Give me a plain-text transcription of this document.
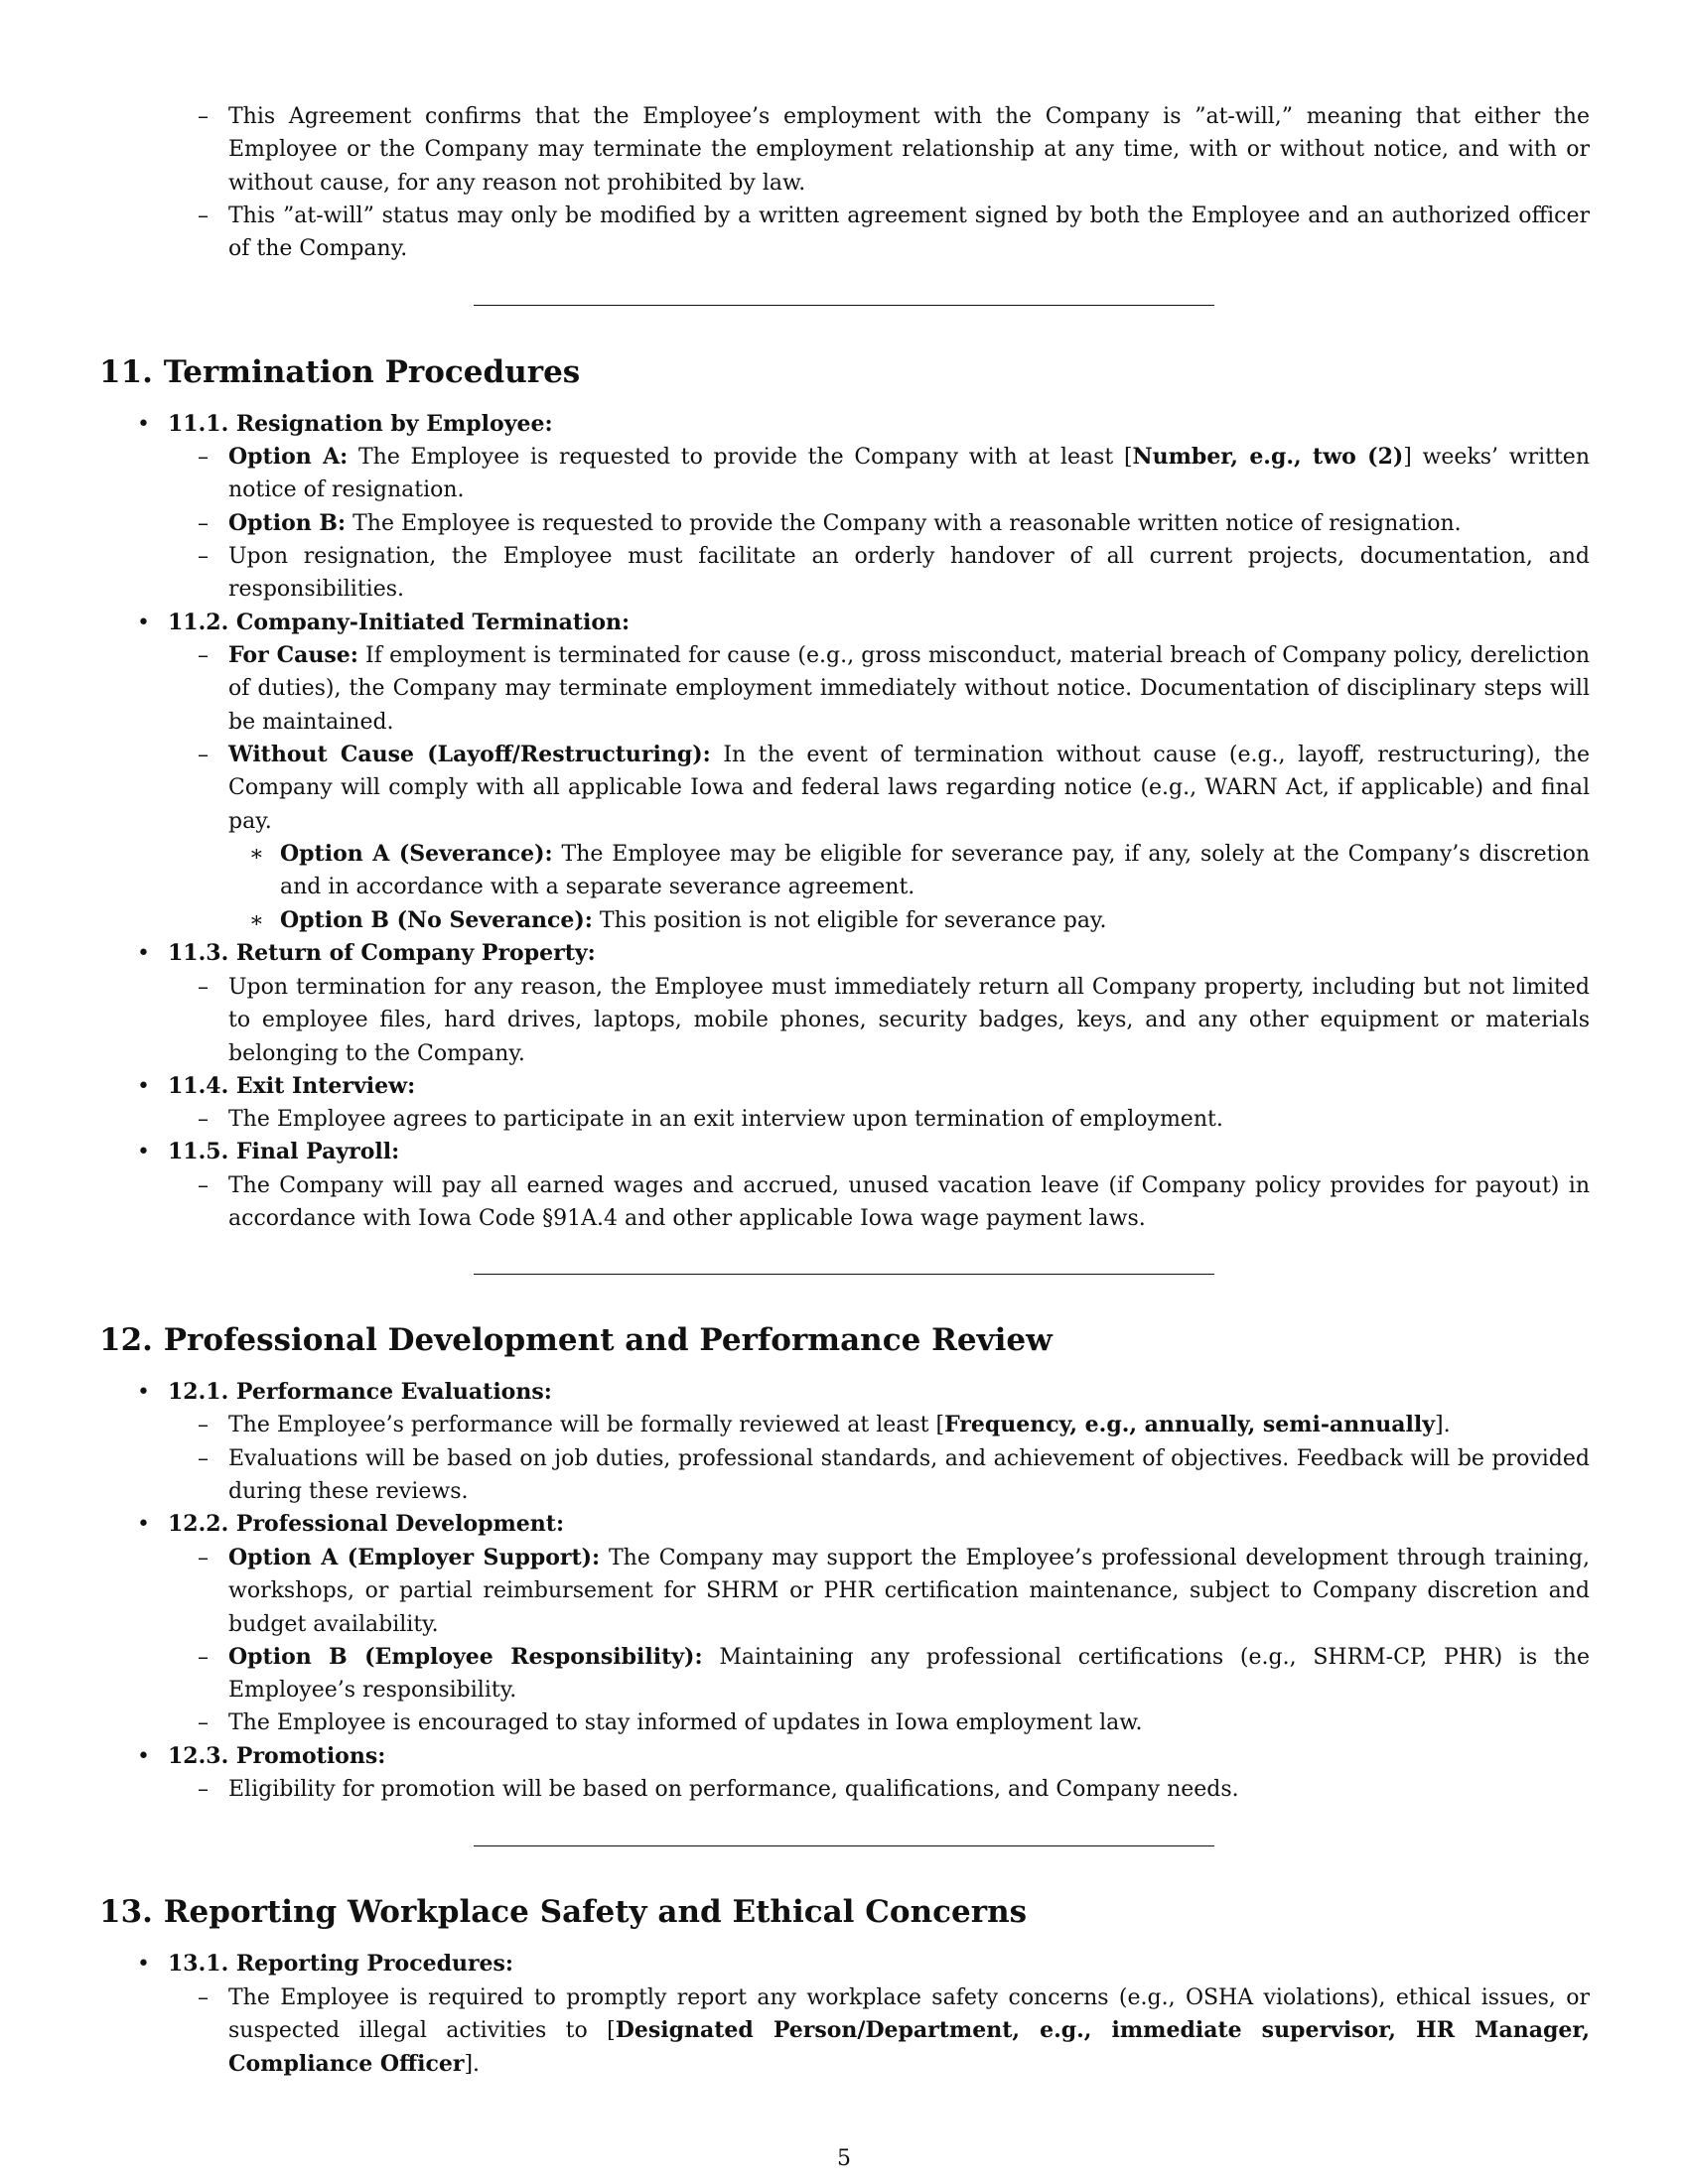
– This Agreement confirms that the Employee’s employment with the Company is ”at-will,” meaning that either the Employee or the Company may terminate the employment relationship at any time, with or without notice, and with or without cause, for any reason not prohibited by law.

– This ”at-will” status may only be modified by a written agreement signed by both the Employee and an authorized officer of the Company.

11. Termination Procedures
• 11.1. Resignation by Employee:
– Option A: The Employee is requested to provide the Company with at least [Number, e.g., two (2)] weeks’ written notice of resignation.

– Option B: The Employee is requested to provide the Company with a reasonable written notice of resignation.

– Upon resignation, the Employee must facilitate an orderly handover of all current projects, documentation, and responsibilities.

• 11.2. Company-Initiated Termination:
– For Cause: If employment is terminated for cause (e.g., gross misconduct, material breach of Company policy, dereliction of duties), the Company may terminate employment immediately without notice. Documentation of disciplinary steps will be maintained.

– Without Cause (Layoff/Restructuring): In the event of termination without cause (e.g., layoff, restructuring), the Company will comply with all applicable Iowa and federal laws regarding notice (e.g., WARN Act, if applicable) and final pay.

∗ Option A (Severance): The Employee may be eligible for severance pay, if any, solely at the Company’s discretion and in accordance with a separate severance agreement.

∗ Option B (No Severance): This position is not eligible for severance pay.

• 11.3. Return of Company Property:
– Upon termination for any reason, the Employee must immediately return all Company property, including but not limited to employee files, hard drives, laptops, mobile phones, security badges, keys, and any other equipment or materials belonging to the Company.

• 11.4. Exit Interview:
– The Employee agrees to participate in an exit interview upon termination of employment.

• 11.5. Final Payroll:
– The Company will pay all earned wages and accrued, unused vacation leave (if Company policy provides for payout) in accordance with Iowa Code §91A.4 and other applicable Iowa wage payment laws.

12. Professional Development and Performance Review
• 12.1. Performance Evaluations:
– The Employee’s performance will be formally reviewed at least [Frequency, e.g., annually, semi-annually].

– Evaluations will be based on job duties, professional standards, and achievement of objectives. Feedback will be provided during these reviews.

• 12.2. Professional Development:
– Option A (Employer Support): The Company may support the Employee’s professional development through training, workshops, or partial reimbursement for SHRM or PHR certification maintenance, subject to Company discretion and budget availability.

– Option B (Employee Responsibility): Maintaining any professional certifications (e.g., SHRM-CP, PHR) is the Employee’s responsibility.

– The Employee is encouraged to stay informed of updates in Iowa employment law.

• 12.3. Promotions:
– Eligibility for promotion will be based on performance, qualifications, and Company needs.

13. Reporting Workplace Safety and Ethical Concerns
• 13.1. Reporting Procedures:
– The Employee is required to promptly report any workplace safety concerns (e.g., OSHA violations), ethical issues, or suspected illegal activities to [Designated Person/Department, e.g., immediate supervisor, HR Manager, Compliance Officer].

5
